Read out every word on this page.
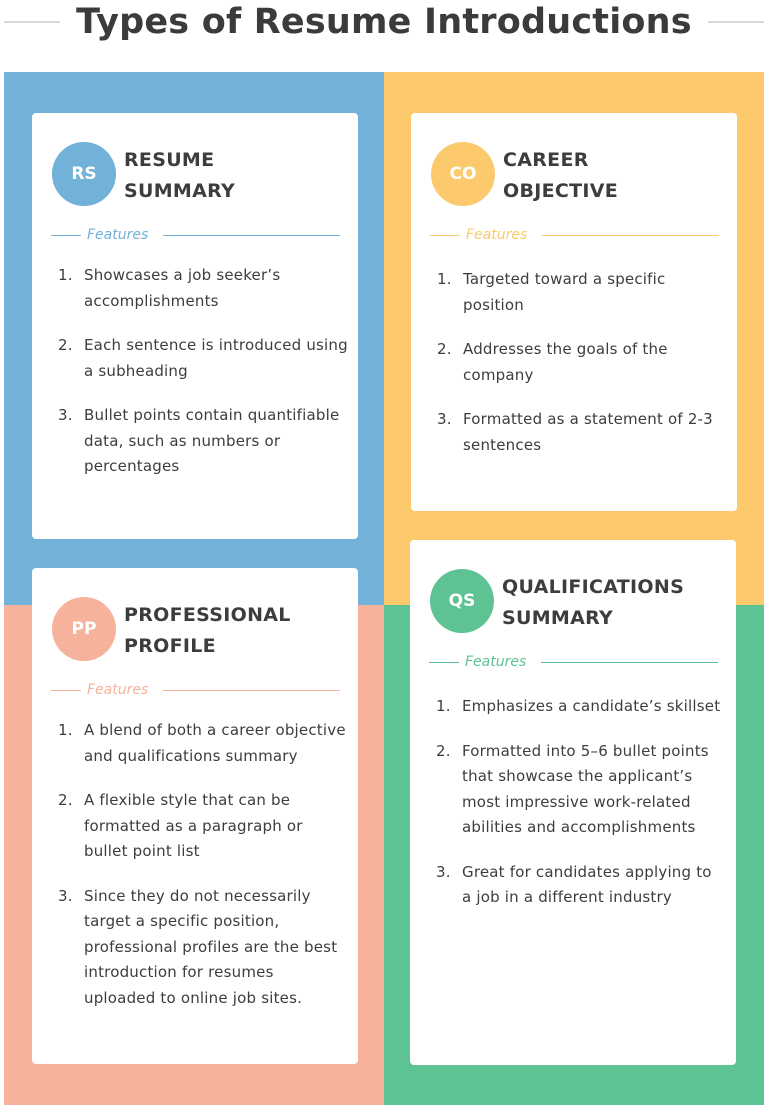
Types of Resume Introductions
RS
RESUME
SUMMARY
Features
1. Showcases a job seeker’s accomplishments
2. Each sentence is introduced using a subheading
3. Bullet points contain quantifiable data, such as numbers or percentages
CO
CAREER
OBJECTIVE
Features
1. Targeted toward a specific position
2. Addresses the goals of the company
3. Formatted as a statement of 2-3 sentences
PP
PROFESSIONAL
PROFILE
Features
1. A blend of both a career objective and qualifications summary
2. A flexible style that can be formatted as a paragraph or bullet point list
3. Since they do not necessarily target a specific position, professional profiles are the best introduction for resumes uploaded to online job sites.
QS
QUALIFICATIONS
SUMMARY
Features
1. Emphasizes a candidate’s skillset
2. Formatted into 5–6 bullet points that showcase the applicant’s most impressive work-related abilities and accomplishments
3. Great for candidates applying to a job in a different industry
